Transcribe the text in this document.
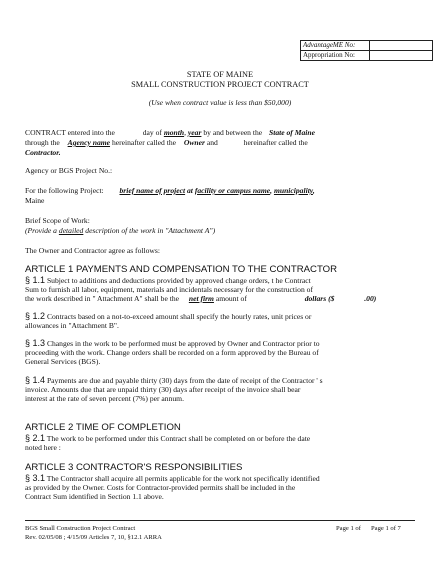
AdvantageME No:	
Appropriation No:	
STATE OF MAINE
SMALL CONSTRUCTION PROJECT CONTRACT
(Use when contract value is less than $50,000)
CONTRACT entered into the	day of month, year by and between the State of Maine
through the Agency name hereinafter called the Owner and	hereinafter called the
Contractor.
Agency or BGS Project No.:
For the following Project: brief name of project at facility or campus name, municipality,
Maine
Brief Scope of Work:
(Provide a detailed description of the work in "Attachment A")
The Owner and Contractor agree as follows:
ARTICLE 1 PAYMENTS AND COMPENSATION TO THE CONTRACTOR
§ 1.1 Subject to additions and deductions provided by approved change orders, t he Contract
Sum to furnish all labor, equipment, materials and incidentals necessary for the construction of
the work described in " Attachment A" shall be the net firm amount of	dollars ($	.00)
§ 1.2 Contracts based on a not-to-exceed amount shall specify the hourly rates, unit prices or
allowances in "Attachment B".
§ 1.3 Changes in the work to be performed must be approved by Owner and Contractor prior to
proceeding with the work. Change orders shall be recorded on a form approved by the Bureau of
General Services (BGS).
§ 1.4 Payments are due and payable thirty (30) days from the date of receipt of the Contractor ' s
invoice. Amounts due that are unpaid thirty (30) days after receipt of the invoice shall bear
interest at the rate of seven percent (7%) per annum.
ARTICLE 2 TIME OF COMPLETION
§ 2.1 The work to be performed under this Contract shall be completed on or before the date
noted here :
ARTICLE 3 CONTRACTOR'S RESPONSIBILITIES
§ 3.1 The Contractor shall acquire all permits applicable for the work not specifically identified
as provided by the Owner. Costs for Contractor-provided permits shall be included in the
Contract Sum identified in Section 1.1 above.
BGS Small Construction Project Contract
Rev. 02/05/08 ; 4/15/09 Articles 7, 10, §12.1 ARRA
Page 1 of Page 1 of 7
